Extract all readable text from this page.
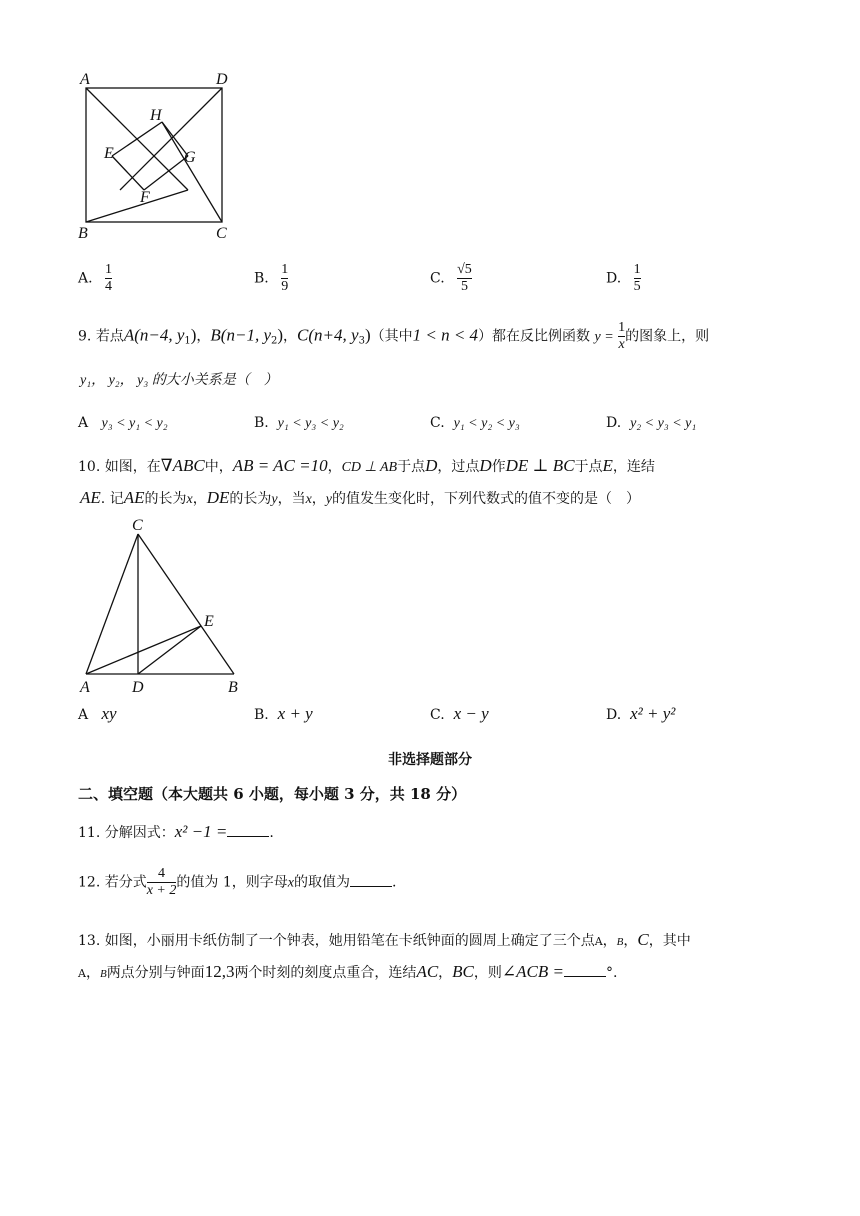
A	D
H
E	G
F
B	C
A. $\frac{1}{4}$	B. $\frac{1}{9}$	C. $\frac{√5}{5}$	D. $\frac{1}{5}$
9. 若点A(n−4, $y_1$)，B(n−1, $y_2$)，C(n+4, $y_3$)（其中1 < n < 4）都在反比例函数 $y = \frac{1}{x}$ 的图象上，则
y₁， y₂， y₃ 的大小关系是（　）
A y₃ < y₁ < y₂	B. y₁ < y₃ < y₂	C. y₁ < y₂ < y₃	D. y₂ < y₃ < y₁
10. 如图，在∇ABC中，AB = AC =10，CD ⊥ AB于点D，过点D作DE ⊥ BC于点E，连结
AE. 记AE的长为x，DE的长为y，当x，y的值发生变化时，下列代数式的值不变的是（　）
C
E
A	D	B
A xy	B. x + y	C. x − y	D. x² + y²
非选择题部分
二、填空题（本大题共 6 小题，每小题 3 分，共 18 分）
11. 分解因式：x² −1 =	.
12. 若分式 $\frac{4}{x + 2}$ 的值为 1，则字母x的取值为	.
13. 如图，小丽用卡纸仿制了一个钟表，她用铅笔在卡纸钟面的圆周上确定了三个点A，B，C，其中
A，B两点分别与钟面12,3两个时刻的刻度点重合，连结AC，BC，则∠ACB =	°.
